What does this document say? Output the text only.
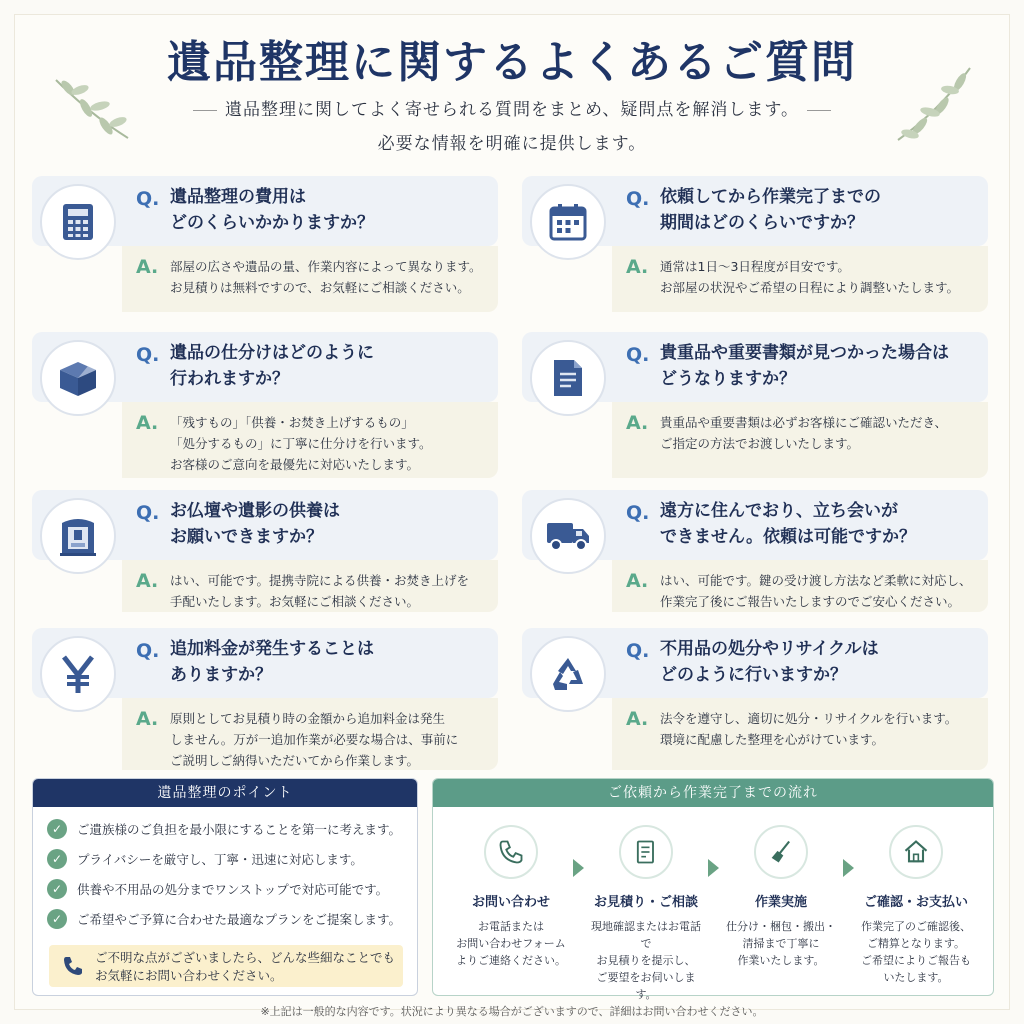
遺品整理に関するよくあるご質問
遺品整理に関してよく寄せられる質問をまとめ、疑問点を解消します。
必要な情報を明確に提供します。
Q. 遺品整理の費用は
どのくらいかかりますか？
A. 部屋の広さや遺品の量、作業内容によって異なります。
お見積りは無料ですので、お気軽にご相談ください。
Q. 依頼してから作業完了までの
期間はどのくらいですか？
A. 通常は1日〜3日程度が目安です。
お部屋の状況やご希望の日程により調整いたします。
Q. 遺品の仕分けはどのように
行われますか？
A. 「残すもの」「供養・お焚き上げするもの」
「処分するもの」に丁寧に仕分けを行います。
お客様のご意向を最優先に対応いたします。
Q. 貴重品や重要書類が見つかった場合は
どうなりますか？
A. 貴重品や重要書類は必ずお客様にご確認いただき、
ご指定の方法でお渡しいたします。
Q. お仏壇や遺影の供養は
お願いできますか？
A. はい、可能です。提携寺院による供養・お焚き上げを
手配いたします。お気軽にご相談ください。
Q. 遠方に住んでおり、立ち会いが
できません。依頼は可能ですか？
A. はい、可能です。鍵の受け渡し方法など柔軟に対応し、
作業完了後にご報告いたしますのでご安心ください。
Q. 追加料金が発生することは
ありますか？
A. 原則としてお見積り時の金額から追加料金は発生
しません。万が一追加作業が必要な場合は、事前に
ご説明しご納得いただいてから作業します。
Q. 不用品の処分やリサイクルは
どのように行いますか？
A. 法令を遵守し、適切に処分・リサイクルを行います。
環境に配慮した整理を心がけています。
遺品整理のポイント
✓	ご遺族様のご負担を最小限にすることを第一に考えます。
✓	プライバシーを厳守し、丁寧・迅速に対応します。
✓	供養や不用品の処分までワンストップで対応可能です。
✓	ご希望やご予算に合わせた最適なプランをご提案します。
ご不明な点がございましたら、どんな些細なことでも
お気軽にお問い合わせください。
ご依頼から作業完了までの流れ
お問い合わせ
お電話または
お問い合わせフォーム
よりご連絡ください。
お見積り・ご相談
現地確認またはお電話で
お見積りを提示し、
ご要望をお伺いします。
作業実施
仕分け・梱包・搬出・
清掃まで丁寧に
作業いたします。
ご確認・お支払い
作業完了のご確認後、
ご精算となります。
ご希望によりご報告も
いたします。
※上記は一般的な内容です。状況により異なる場合がございますので、詳細はお問い合わせください。
